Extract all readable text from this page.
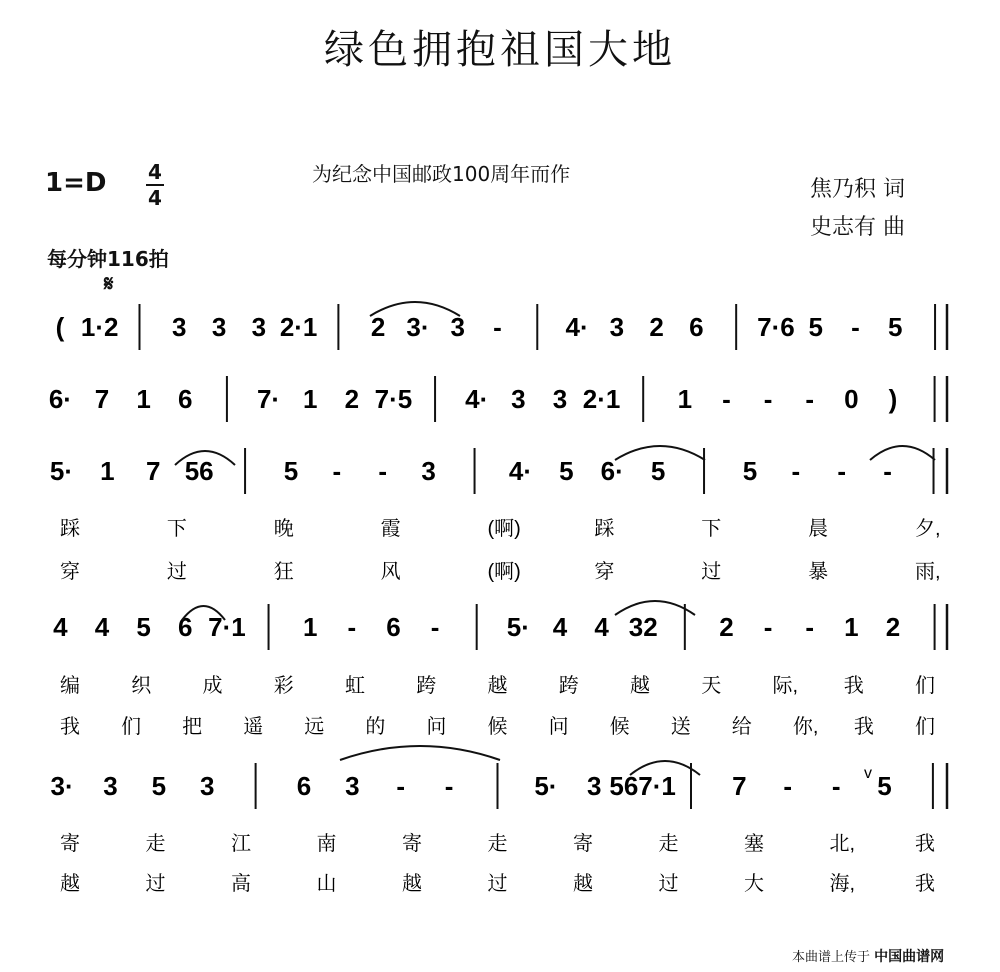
绿色拥抱祖国大地
1=D 4
4
每分钟116拍
为纪念中国邮政100周年而作
焦乃积 词
史志有 曲
𝄋
( 1·2 3 3 3 2·1 2 3· 3 - 4· 3 2 6 7·6 5 - 5
6· 7 1 6 7· 1 2 7·5 4· 3 3 2·1 1 - - - 0 )
5· 1 7 56	5 - - 3	4· 5 6· 5	5 - - -
踩	下	晚	霞	(啊)	踩	下	晨	夕,
穿	过	狂	风	(啊)	穿	过	暴	雨,
4 4 5 6 7·1 1 - 6 -	5· 4 4 32 2 - - 1 2
编	织	成	彩	虹	跨	越	跨	越	天	际, 我	们
我 们 把 遥 远 的 问 候 问 候 送 给 你, 我 们
3· 3 5 3	6 3 - -	5· 3 567·1 7 - - 5
寄	走	江	南	寄	走	寄	走	塞	北,	我
越	过	高	山	越	过	越	过	大	海,	我
v
本曲谱上传于 中国曲谱网
